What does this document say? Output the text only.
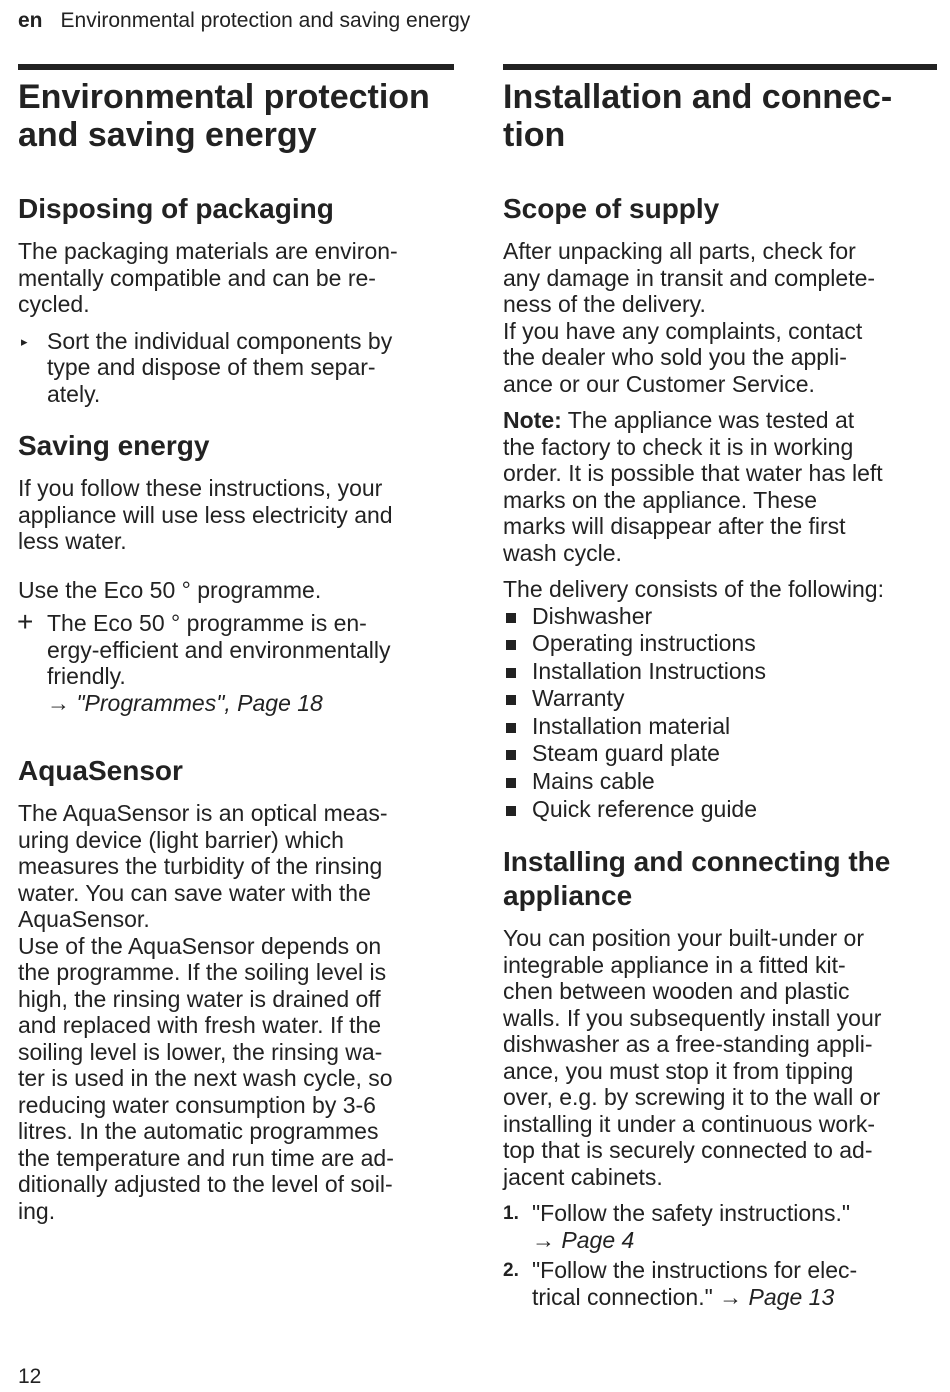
en Environmental protection and saving energy
Environmental protection
and saving energy
Disposing of packaging
The packaging materials are environ-
mentally compatible and can be re-
cycled.
▸ Sort the individual components by
type and dispose of them separ-
ately.
Saving energy
If you follow these instructions, your
appliance will use less electricity and
less water.
Use the Eco 50 ° programme.
+ The Eco 50 ° programme is en-
ergy-efficient and environmentally
friendly.
→ "Programmes", Page 18
AquaSensor
The AquaSensor is an optical meas-
uring device (light barrier) which
measures the turbidity of the rinsing
water. You can save water with the
AquaSensor.
Use of the AquaSensor depends on
the programme. If the soiling level is
high, the rinsing water is drained off
and replaced with fresh water. If the
soiling level is lower, the rinsing wa-
ter is used in the next wash cycle, so
reducing water consumption by 3-6
litres. In the automatic programmes
the temperature and run time are ad-
ditionally adjusted to the level of soil-
ing.
Installation and connec-
tion
Scope of supply
After unpacking all parts, check for
any damage in transit and complete-
ness of the delivery.
If you have any complaints, contact
the dealer who sold you the appli-
ance or our Customer Service.
Note: The appliance was tested at
the factory to check it is in working
order. It is possible that water has left
marks on the appliance. These
marks will disappear after the first
wash cycle.
The delivery consists of the following:
Dishwasher
Operating instructions
Installation Instructions
Warranty
Installation material
Steam guard plate
Mains cable
Quick reference guide
Installing and connecting the
appliance
You can position your built-under or
integrable appliance in a fitted kit-
chen between wooden and plastic
walls. If you subsequently install your
dishwasher as a free-standing appli-
ance, you must stop it from tipping
over, e.g. by screwing it to the wall or
installing it under a continuous work-
top that is securely connected to ad-
jacent cabinets.
1. "Follow the safety instructions."
→ Page 4
2. "Follow the instructions for elec-
trical connection." → Page 13
12
